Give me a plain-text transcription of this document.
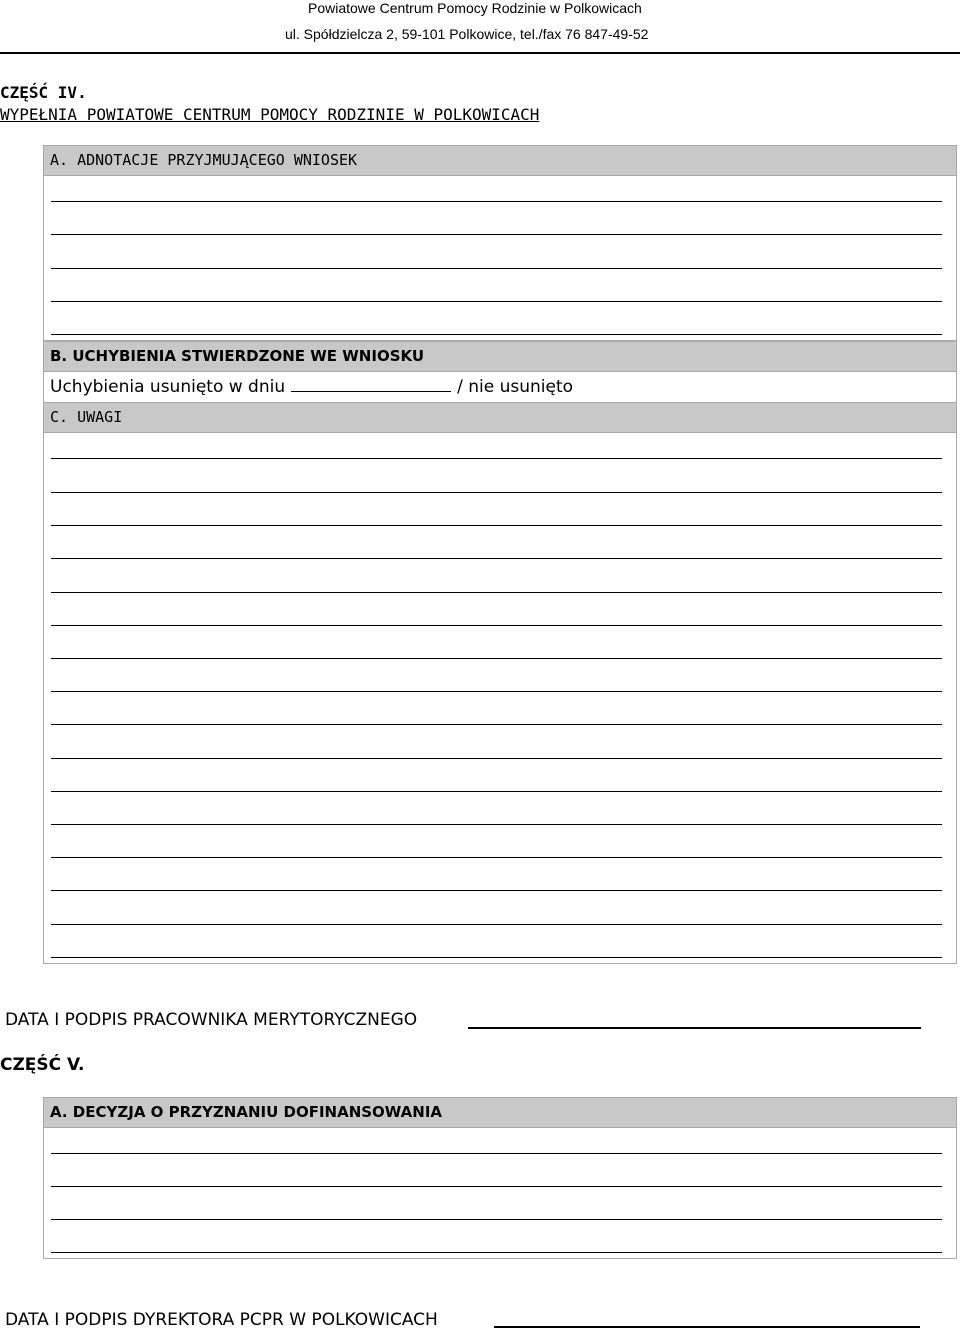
Powiatowe Centrum Pomocy Rodzinie w Polkowicach
ul. Spółdzielcza 2, 59-101 Polkowice, tel./fax 76 847-49-52
CZĘŚĆ IV.
WYPEŁNIA POWIATOWE CENTRUM POMOCY RODZINIE W POLKOWICACH
A. ADNOTACJE PRZYJMUJĄCEGO WNIOSEK
B. UCHYBIENIA STWIERDZONE WE WNIOSKU
Uchybienia usunięto w dniu	/ nie usunięto
C. UWAGI
DATA I PODPIS PRACOWNIKA MERYTORYCZNEGO
CZĘŚĆ V.
A. DECYZJA O PRZYZNANIU DOFINANSOWANIA
DATA I PODPIS DYREKTORA PCPR W POLKOWICACH
